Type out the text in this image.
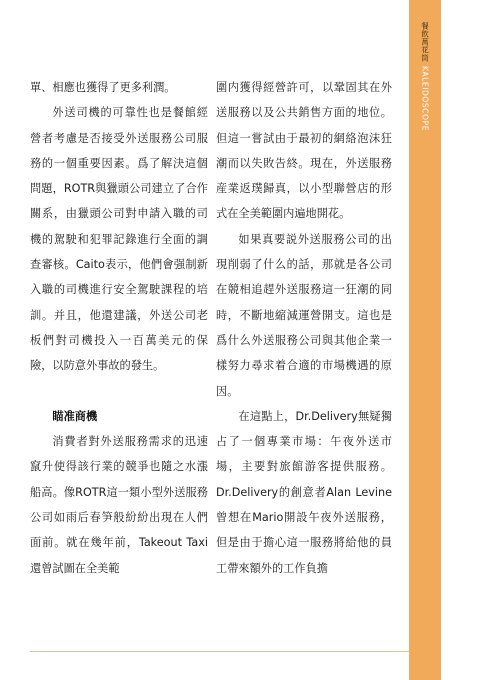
單、相應也獲得了更多利潤。

外送司機的可靠性也是餐館經營者考慮是否接受外送服務公司服務的一個重要因素。爲了解決這個問題，ROTR與獵頭公司建立了合作關系，由獵頭公司對申請入職的司機的駕駛和犯罪記錄進行全面的調查審核。Caito表示，他們會强制新入職的司機進行安全駕駛課程的培訓。并且，他還建議，外送公司老板們對司機投入一百萬美元的保險，以防意外事故的發生。

瞄准商機

消費者對外送服務需求的迅速竄升使得該行業的競爭也隨之水漲船高。像ROTR這一類小型外送服務公司如雨后春笋般紛紛出現在人們面前。就在幾年前，Takeout Taxi還曾試圖在全美範

圍内獲得經營許可，以鞏固其在外送服務以及公共銷售方面的地位。但這一嘗試由于最初的網絡泡沫狂潮而以失敗告終。現在，外送服務産業返璞歸真，以小型聯營店的形式在全美範圍内遍地開花。

如果真要説外送服務公司的出現削弱了什么的話，那就是各公司在競相追趕外送服務這一狂潮的同時，不斷地縮減運營開支。這也是爲什么外送服務公司與其他企業一樣努力尋求着合適的市場機遇的原因。

在這點上，Dr.Delivery無疑獨占了一個專業市場：午夜外送市場，主要對旅館游客提供服務。Dr.Delivery的創意者Alan Levine曾想在Mario開設午夜外送服務，但是由于擔心這一服務將給他的員工帶來額外的工作負擔

餐飲萬花筒
KALEIDOSCOPE
